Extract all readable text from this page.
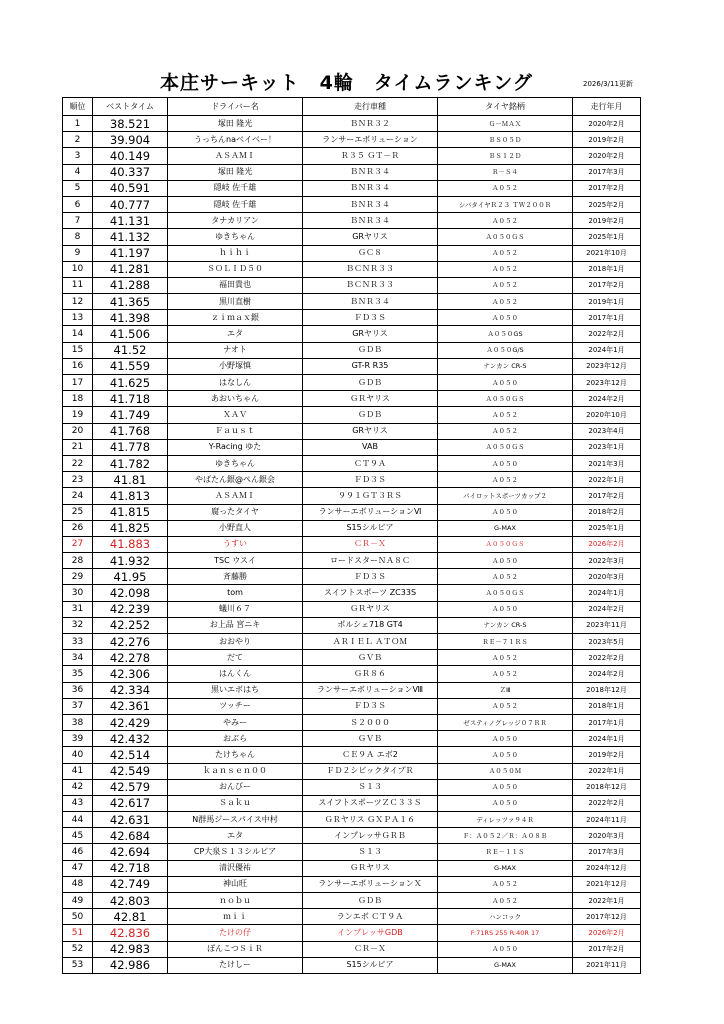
本庄サーキット　4輪　タイムランキング	2026/3/11更新
順位	ベストタイム	ドライバー名	走行車種	タイヤ銘柄	走行年月
1	38.521	塚田 隆光	ＢＮＲ３２	Ｇ－ＭＡＸ	2020年2月
2	39.904	うっちんnaベイベー！	ランサーエボリューション	ＢＳ０５Ｄ	2019年2月
3	40.149	ＡＳＡＭＩ	Ｒ３５ ＧＴ－Ｒ	ＢＳ１２Ｄ	2020年2月
4	40.337	塚田 隆光	ＢＮＲ３４	Ｒ－Ｓ４	2017年3月
5	40.591	隠岐 佐千雄	ＢＮＲ３４	Ａ０５２	2017年2月
6	40.777	隠岐 佐千雄	ＢＮＲ３４	シバタイヤＲ２３ ＴＷ２００Ｒ	2025年2月
7	41.131	タナカリアン	ＢＮＲ３４	Ａ０５２	2019年2月
8	41.132	ゆきちゃん	GRヤリス	Ａ０５０ＧＳ	2025年1月
9	41.197	ｈｉｈｉ	ＧＣ８	Ａ０５２	2021年10月
10	41.281	ＳＯＬＩＤ５０	ＢＣＮＲ３３	Ａ０５２	2018年1月
11	41.288	福田貴也	ＢＣＮＲ３３	Ａ０５２	2017年2月
12	41.365	黒川直樹	ＢＮＲ３４	Ａ０５２	2019年1月
13	41.398	ｚｉｍａｘ銀	ＦＤ３Ｓ	Ａ０５０	2017年1月
14	41.506	エタ	GRヤリス	Ａ０５０GS	2022年2月
15	41.52	ナオト	ＧＤＢ	Ａ０５０G/S	2024年1月
16	41.559	小野塚慎	GT-R R35	ナンカン CR-S	2023年12月
17	41.625	はなしん	ＧＤＢ	Ａ０５０	2023年12月
18	41.718	あおいちゃん	ＧＲヤリス	Ａ０５０ＧＳ	2024年2月
19	41.749	ＸＡＶ	ＧＤＢ	Ａ０５２	2020年10月
20	41.768	Ｆａｕｓｔ	GRヤリス	Ａ０５２	2023年4月
21	41.778	Y-Racing ゆた	VAB	Ａ０５０ＧＳ	2023年1月
22	41.782	ゆきちゃん	ＣＴ９Ａ	Ａ０５０	2021年3月
23	41.81	やばたん銀@ぺん銀会	ＦＤ３Ｓ	Ａ０５２	2022年1月
24	41.813	ＡＳＡＭＩ	９９１ＧＴ３ＲＳ	パイロットスポーツカップ２	2017年2月
25	41.815	腐ったタイヤ	ランサーエボリューションⅥ	Ａ０５０	2018年2月
26	41.825	小野直人	S15シルビア	G-MAX	2025年1月
27	41.883	うすい	ＣＲ－Ｘ	Ａ０５０ＧＳ	2026年2月
28	41.932	TSC ウスイ	ロードスターＮＡ８Ｃ	Ａ０５０	2022年3月
29	41.95	斉藤勝	ＦＤ３Ｓ	Ａ０５２	2020年3月
30	42.098	tom	スイフトスポーツ ZC33S	Ａ０５０ＧＳ	2024年1月
31	42.239	蟻川６７	ＧＲヤリス	Ａ０５０	2024年2月
32	42.252	お上品 宮ニキ	ポルシェ718 GT4	ナンカン CR-S	2023年11月
33	42.276	おおやり	ＡＲＩＥＬ ＡＴＯＭ	ＲＥ－７１ＲＳ	2023年5月
34	42.278	だて	ＧＶＢ	Ａ０５２	2022年2月
35	42.306	はんくん	ＧＲ８６	Ａ０５２	2024年2月
36	42.334	黒いエボはち	ランサーエボリューションⅧ	ＺⅢ	2018年12月
37	42.361	ツッチー	ＦＤ３Ｓ	Ａ０５２	2018年1月
38	42.429	やみー	Ｓ２０００	ゼスティノグレッジ０７ＲＲ	2017年1月
39	42.432	おぶら	ＧＶＢ	Ａ０５０	2024年1月
40	42.514	たけちゃん	ＣＥ９Ａ エボ2	Ａ０５０	2019年2月
41	42.549	ｋａｎｓｅｎ００	ＦＤ２シビックタイプＲ	Ａ０５０Ｍ	2022年1月
42	42.579	おんびー	Ｓ１３	Ａ０５０	2018年12月
43	42.617	Ｓａｋｕ	スイフトスポーツＺＣ３３Ｓ	Ａ０５０	2022年2月
44	42.631	N群馬ジースパイス中村	ＧＲヤリス ＧＸＰＡ１６	ディレッツァ９４Ｒ	2024年11月
45	42.684	エタ	インプレッサＧＲＢ	Ｆ：Ａ０５２／Ｒ：Ａ０８Ｂ	2020年3月
46	42.694	CP大泉Ｓ１３シルビア	Ｓ１３	ＲＥ－１１Ｓ	2017年3月
47	42.718	清沢優祐	ＧＲヤリス	G-MAX	2024年12月
48	42.749	神山旺	ランサーエボリューションＸ	Ａ０５２	2021年12月
49	42.803	ｎｏｂｕ	ＧＤＢ	Ａ０５２	2022年1月
50	42.81	ｍｉｉ	ランエボ ＣＴ９Ａ	ハンコック	2017年12月
51	42.836	たけの仔	インプレッサGDB	F:71RS 255 R:40R 17	2026年2月
52	42.983	ぽんこつＳｉＲ	ＣＲ－Ｘ	Ａ０５０	2017年2月
53	42.986	たけしー	S15シルビア	G-MAX	2021年11月
